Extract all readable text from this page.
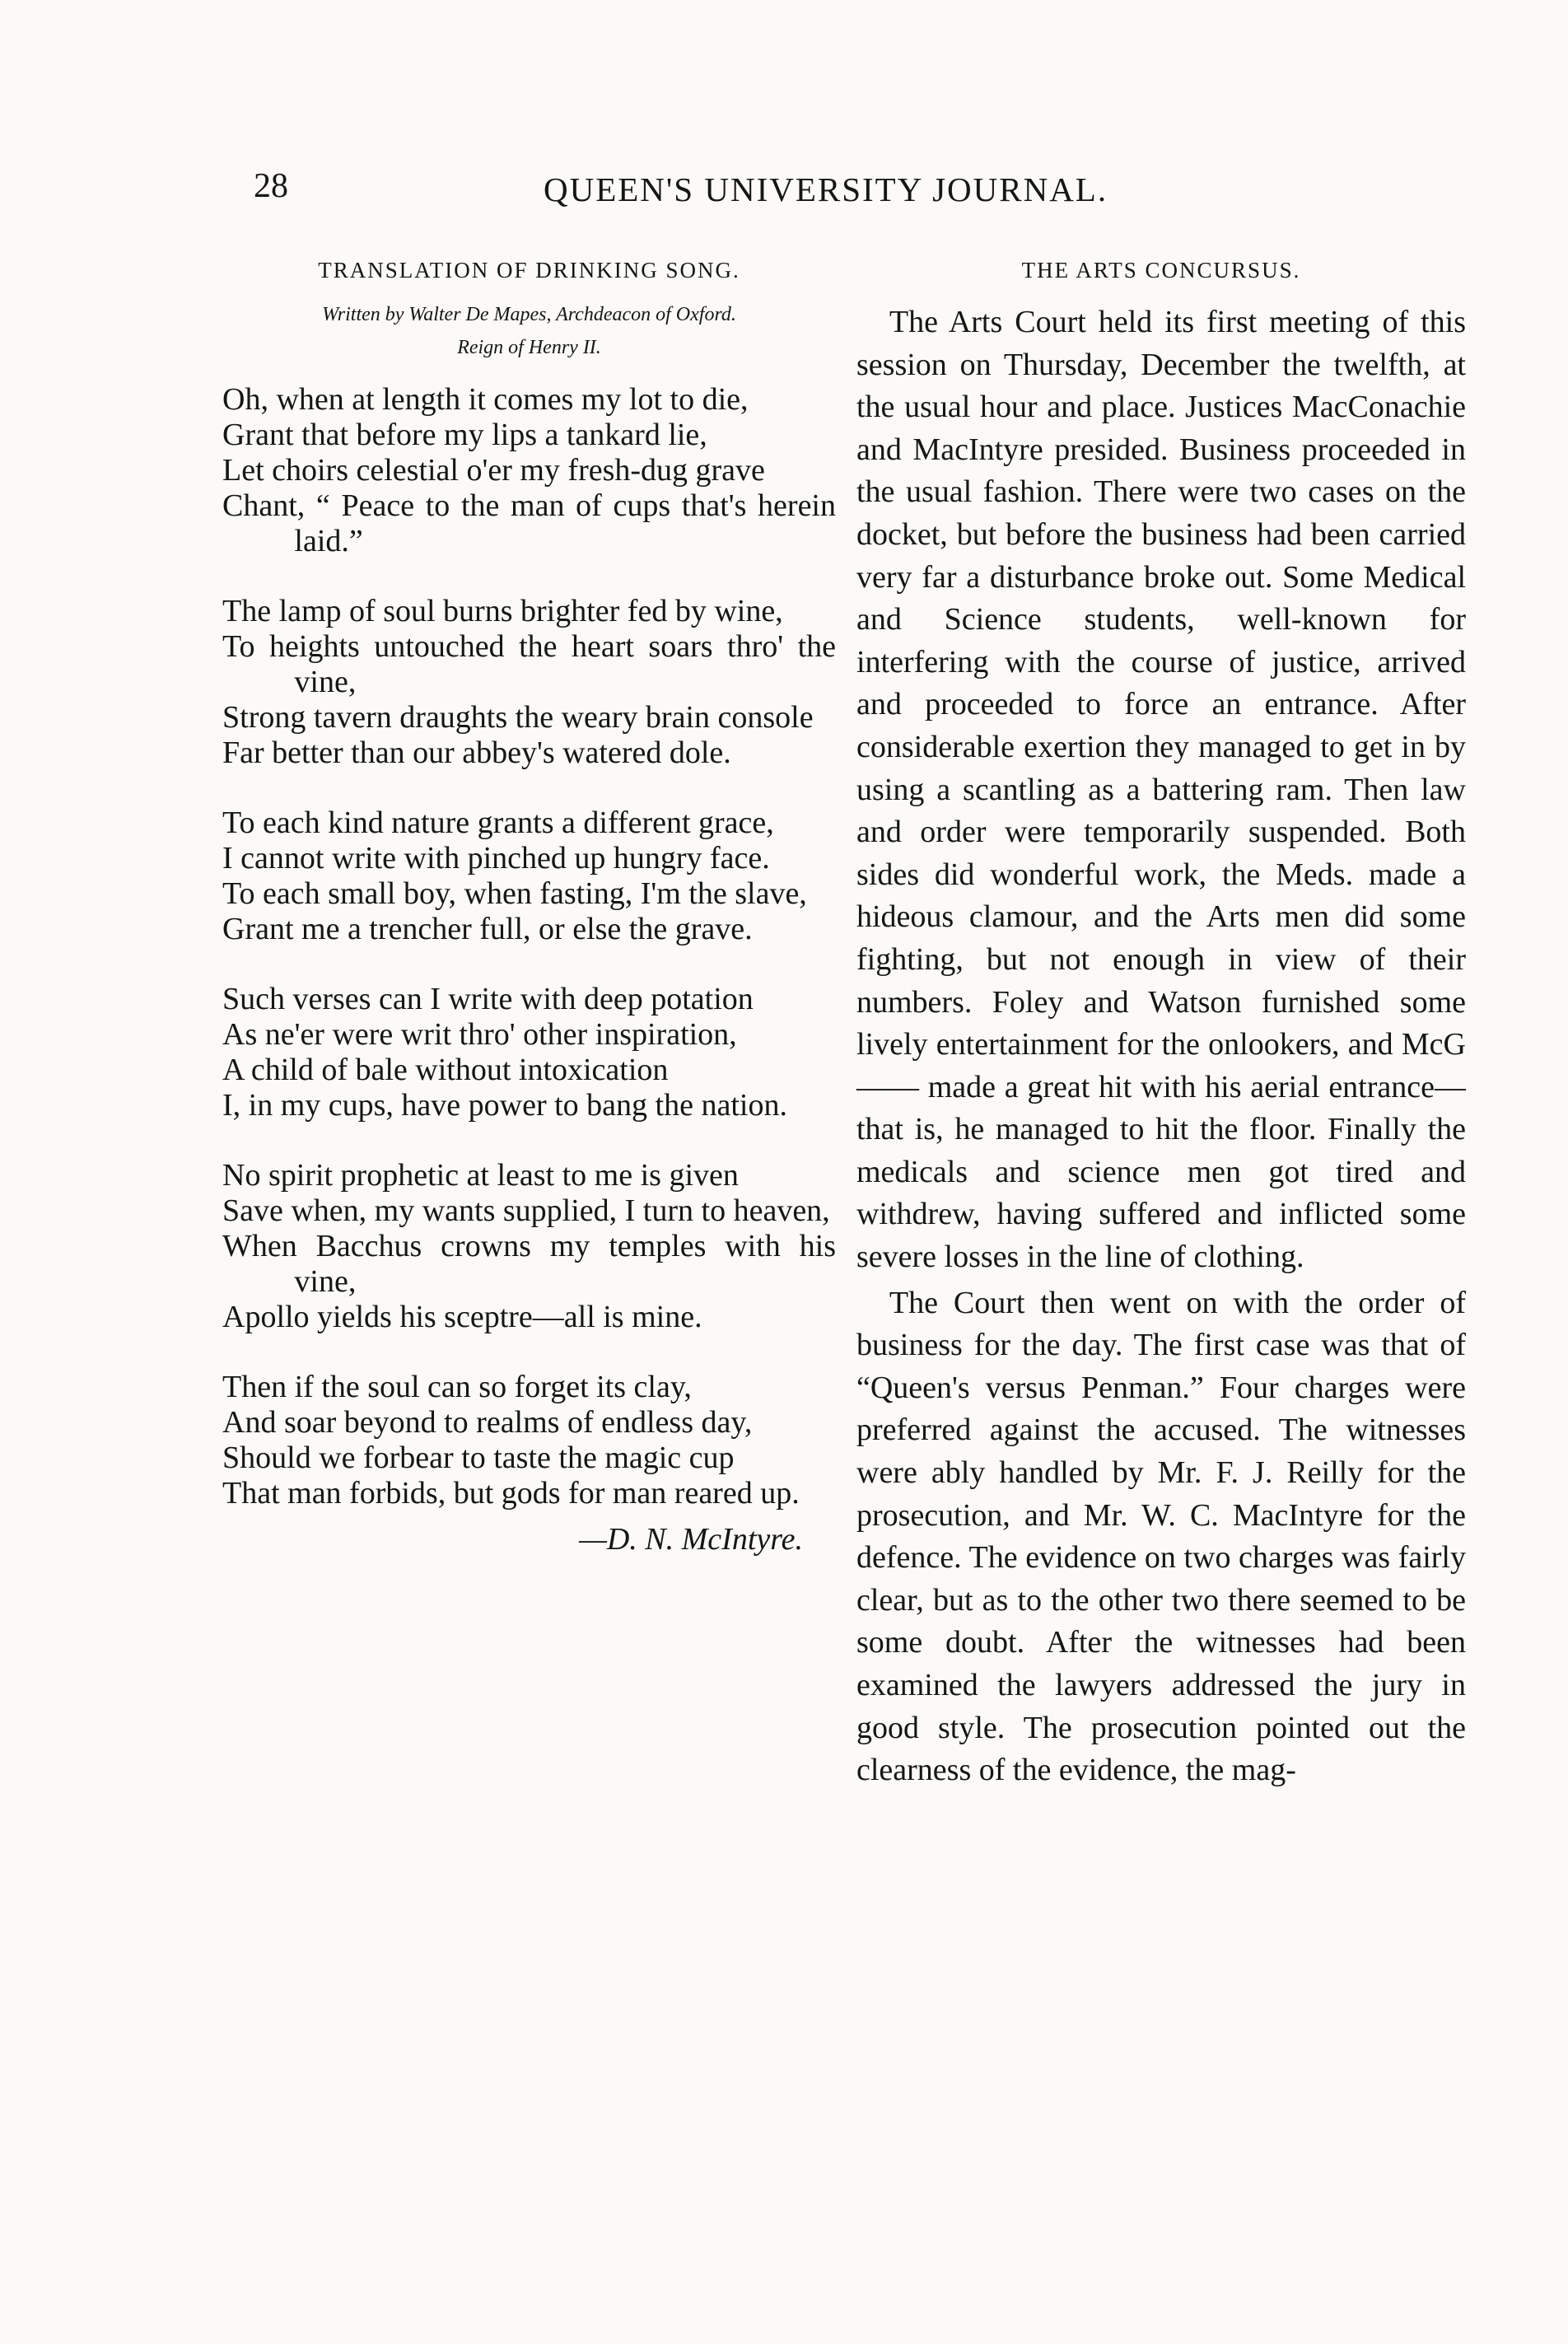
28	QUEEN'S UNIVERSITY JOURNAL.
TRANSLATION OF DRINKING SONG.
Written by Walter De Mapes, Archdeacon of Oxford.
Reign of Henry II.
Oh, when at length it comes my lot to die,
Grant that before my lips a tankard lie,
Let choirs celestial o'er my fresh-dug grave
Chant, “ Peace to the man of cups that's herein laid.”
The lamp of soul burns brighter fed by wine,
To heights untouched the heart soars thro' the vine,
Strong tavern draughts the weary brain console
Far better than our abbey's watered dole.
To each kind nature grants a different grace,
I cannot write with pinched up hungry face.
To each small boy, when fasting, I'm the slave,
Grant me a trencher full, or else the grave.
Such verses can I write with deep potation
As ne'er were writ thro' other inspiration,
A child of bale without intoxication
I, in my cups, have power to bang the nation.
No spirit prophetic at least to me is given
Save when, my wants supplied, I turn to heaven,
When Bacchus crowns my temples with his vine,
Apollo yields his sceptre—all is mine.
Then if the soul can so forget its clay,
And soar beyond to realms of endless day,
Should we forbear to taste the magic cup
That man forbids, but gods for man reared up.
—D. N. McIntyre.
THE ARTS CONCURSUS.

The Arts Court held its first meeting of this session on Thursday, December the twelfth, at the usual hour and place. Justices MacConachie and MacIntyre presided. Business proceeded in the usual fashion. There were two cases on the docket, but before the business had been carried very far a disturbance broke out. Some Medical and Science students, well-known for interfering with the course of justice, arrived and proceeded to force an entrance. After considerable exertion they managed to get in by using a scantling as a battering ram. Then law and order were temporarily suspended. Both sides did wonderful work, the Meds. made a hideous clamour, and the Arts men did some fighting, but not enough in view of their numbers. Foley and Watson furnished some lively entertainment for the onlookers, and McG—— made a great hit with his aerial entrance—that is, he managed to hit the floor. Finally the medicals and science men got tired and withdrew, having suffered and inflicted some severe losses in the line of clothing.

The Court then went on with the order of business for the day. The first case was that of “Queen's versus Penman.” Four charges were preferred against the accused. The witnesses were ably handled by Mr. F. J. Reilly for the prosecution, and Mr. W. C. MacIntyre for the defence. The evidence on two charges was fairly clear, but as to the other two there seemed to be some doubt. After the witnesses had been examined the lawyers addressed the jury in good style. The prosecution pointed out the clearness of the evidence, the mag-
